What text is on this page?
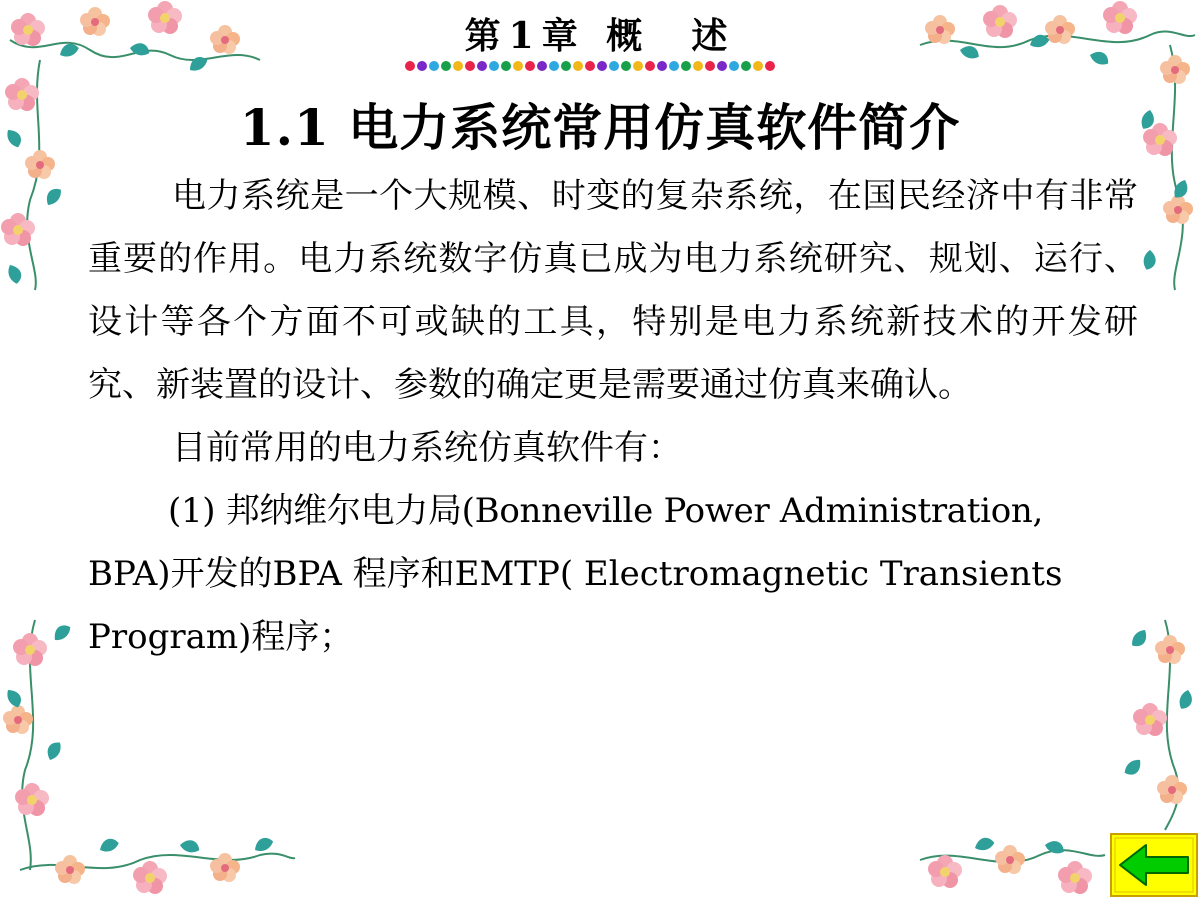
第1章 概  述
1.1 电力系统常用仿真软件简介

电力系统是一个大规模、时变的复杂系统，在国民经济中有非常重要的作用。电力系统数字仿真已成为电力系统研究、规划、运行、设计等各个方面不可或缺的工具，特别是电力系统新技术的开发研究、新装置的设计、参数的确定更是需要通过仿真来确认。

目前常用的电力系统仿真软件有：

(1) 邦纳维尔电力局(Bonneville Power Administration,

BPA)开发的BPA 程序和EMTP( Electromagnetic Transients

Program)程序；
